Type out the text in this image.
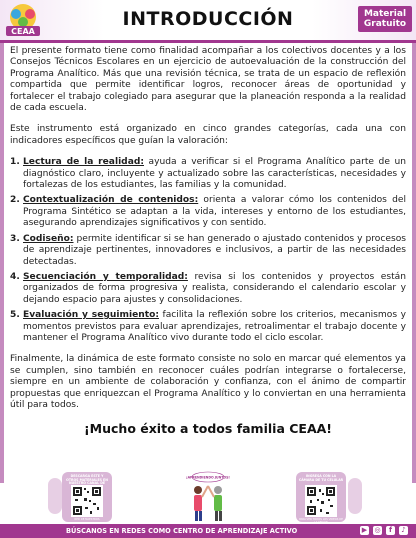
CEAA
INTRODUCCIÓN	Material
Gratuito

El presente formato tiene como finalidad acompañar a los colectivos docentes y a los Consejos Técnicos Escolares en un ejercicio de autoevaluación de la construcción del Programa Analítico. Más que una revisión técnica, se trata de un espacio de reflexión compartida que permite identificar logros, reconocer áreas de oportunidad y fortalecer el trabajo colegiado para asegurar que la planeación responda a la realidad de cada escuela.

Este instrumento está organizado en cinco grandes categorías, cada una con indicadores específicos que guían la valoración:

1. Lectura de la realidad: ayuda a verificar si el Programa Analítico parte de un diagnóstico claro, incluyente y actualizado sobre las características, necesidades y fortalezas de los estudiantes, las familias y la comunidad.
2. Contextualización de contenidos: orienta a valorar cómo los contenidos del Programa Sintético se adaptan a la vida, intereses y entorno de los estudiantes, asegurando aprendizajes significativos y con sentido.
3. Codiseño: permite identificar si se han generado o ajustado contenidos y procesos de aprendizaje pertinentes, innovadores e inclusivos, a partir de las necesidades detectadas.
4. Secuenciación y temporalidad: revisa si los contenidos y proyectos están organizados de forma progresiva y realista, considerando el calendario escolar y dejando espacio para ajustes y consolidaciones.
5. Evaluación y seguimiento: facilita la reflexión sobre los criterios, mecanismos y momentos previstos para evaluar aprendizajes, retroalimentar el trabajo docente y mantener el Programa Analítico vivo durante todo el ciclo escolar.

Finalmente, la dinámica de este formato consiste no solo en marcar qué elementos ya se cumplen, sino también en reconocer cuáles podrían integrarse o fortalecerse, siempre en un ambiente de colaboración y confianza, con el ánimo de compartir propuestas que enriquezcan el Programa Analítico y lo conviertan en una herramienta útil para todos.

¡Mucho éxito a todos familia CEAA!
DESCARGA ESTE Y OTROS MATERIALES EN NUESTRO CANAL DE
RED DE MAESTROS
¡APRENDIENDO JUNTOS!	INGRESA CON LA CÁMARA DE TU CELULAR
PARA VER TODOS LOS VIDEOS DE LA SESIÓN
BÚSCANOS EN REDES COMO CENTRO DE APRENDIZAJE ACTIVO	▶ ◎	f	♪
